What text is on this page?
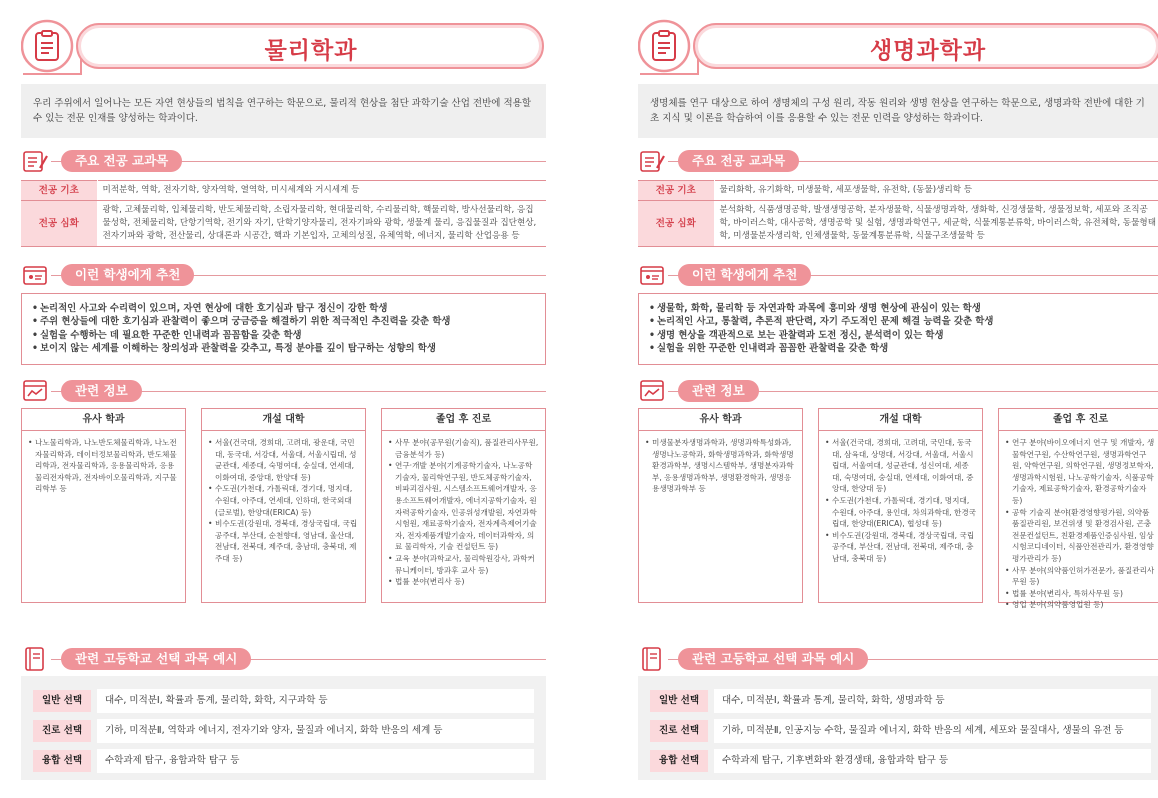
물리학과
우리 주위에서 일어나는 모든 자연 현상들의 법칙을 연구하는 학문으로, 물리적 현상을 첨단 과학기술 산업 전반에 적용할 수 있는 전문 인재를 양성하는 학과이다.
주요 전공 교과목
이런 학생에게 추천
관련 정보
관련 고등학교 선택 과목 예시
전공 기초	미적분학, 역학, 전자기학, 양자역학, 열역학, 미시세계와 거시세계 등
전공 심화	광학, 고체물리학, 입체물리학, 반도체물리학, 소립자물리학, 현대물리학, 수리물리학, 핵물리학, 방사선물리학, 응집물성학, 전체물리학, 단항기역학, 전기와 자기, 단학기양자물리, 전자기파와 광학, 생물계 물리, 응집물질과 집단현상, 전자기파와 광학, 전산물리, 상대론과 시공간, 핵과 기본입자, 고체의성질, 유체역학, 에너지, 물리학 산업응용 등
• 논리적인 사고와 수리력이 있으며, 자연 현상에 대한 호기심과 탐구 정신이 강한 학생
• 주위 현상들에 대한 호기심과 관찰력이 좋으며 궁금증을 해결하기 위한 적극적인 추진력을 갖춘 학생
• 실험을 수행하는 데 필요한 꾸준한 인내력과 꼼꼼함을 갖춘 학생
• 보이지 않는 세계를 이해하는 창의성과 관찰력을 갖추고, 특정 분야를 깊이 탐구하는 성향의 학생
유사 학과
• 나노물리학과, 나노반도체물리학과, 나노전자물리학과, 데이터정보물리학과, 반도체물리학과, 전자물리학과, 응용물리학과, 응용물리전자학과, 전자바이오물리학과, 지구물리학부 등
개설 대학
• 서울(건국대, 경희대, 고려대, 광운대, 국민대, 동국대, 서강대, 서울대, 서울시립대, 성균관대, 세종대, 숙명여대, 숭실대, 연세대, 이화여대, 중앙대, 한양대 등)
• 수도권(가천대, 가톨릭대, 경기대, 명지대, 수원대, 아주대, 연세대, 인하대, 한국외대(글로벌), 한양대(ERICA) 등)
• 비수도권(강원대, 경북대, 경상국립대, 국립공주대, 부산대, 순천향대, 영남대, 울산대, 전남대, 전북대, 제주대, 충남대, 충북대, 제주대 등)
졸업 후 진로
• 사무 분야(공무원(기술직), 품질관리사무원, 금융분석가 등)
• 연구·개발 분야(기계공학기술자, 나노공학기술자, 물리학연구원, 반도체공학기술자, 비파괴검사원, 시스템소프트웨어개발자, 응용소프트웨어개발자, 에너지공학기술자, 원자력공학기술자, 인공위성개발원, 자연과학시험원, 재료공학기술자, 전자계측제어기술자, 전자제품개발기술자, 데이터과학자, 의료 물리학자, 기술 컨설턴트 등)
• 교육 분야(과학교사, 물리학원강사, 과학커뮤니케이터, 방과후 교사 등)
• 법률 분야(변리사 등)
일반 선택	대수, 미적분Ⅰ, 확률과 통계, 물리학, 화학, 지구과학 등
진로 선택	기하, 미적분Ⅱ, 역학과 에너지, 전자기와 양자, 물질과 에너지, 화학 반응의 세계 등
융합 선택	수학과제 탐구, 융합과학 탐구 등
생명과학과
생명체를 연구 대상으로 하여 생명체의 구성 원리, 작동 원리와 생명 현상을 연구하는 학문으로, 생명과학 전반에 대한 기초 지식 및 이론을 학습하여 이를 응용할 수 있는 전문 인력을 양성하는 학과이다.
주요 전공 교과목
이런 학생에게 추천
관련 정보
관련 고등학교 선택 과목 예시
전공 기초	물리화학, 유기화학, 미생물학, 세포생물학, 유전학, (동물)생리학 등
전공 심화	분석화학, 식품생명공학, 발생생명공학, 분자생물학, 식물생명과학, 생화학, 신경생물학, 생물정보학, 세포와 조직공학, 바이러스학, 대사공학, 생명공학 및 실험, 생명과학연구, 세균학, 식물계통분류학, 바이러스학, 유전체학, 동물형태학, 미생물분자생리학, 인체생물학, 동물계통분류학, 식물구조생물학 등
• 생물학, 화학, 물리학 등 자연과학 과목에 흥미와 생명 현상에 관심이 있는 학생
• 논리적인 사고, 통찰력, 추론적 판단력, 자기 주도적인 문제 해결 능력을 갖춘 학생
• 생명 현상을 객관적으로 보는 관찰력과 도전 정신, 분석력이 있는 학생
• 실험을 위한 꾸준한 인내력과 꼼꼼한 관찰력을 갖춘 학생
유사 학과
• 미생물분자생명과학과, 생명과학특성화과, 생명나노공학과, 화학생명과학과, 화학생명환경과학부, 생명시스템학부, 생명분자과학부, 응용생명과학부, 생명환경학과, 생명응용생명과학부 등
개설 대학
• 서울(건국대, 경희대, 고려대, 국민대, 동국대, 삼육대, 상명대, 서강대, 서울대, 서울시립대, 서울여대, 성균관대, 성신여대, 세종대, 숙명여대, 숭실대, 연세대, 이화여대, 중앙대, 한양대 등)
• 수도권(가천대, 가톨릭대, 경기대, 명지대, 수원대, 아주대, 용인대, 차의과학대, 한경국립대, 한양대(ERICA), 협성대 등)
• 비수도권(강원대, 경북대, 경상국립대, 국립공주대, 부산대, 전남대, 전북대, 제주대, 충남대, 충북대 등)
졸업 후 진로
• 연구 분야(바이오에너지 연구 및 개발자, 생물학연구원, 수산학연구원, 생명과학연구원, 약학연구원, 의학연구원, 생명정보학자, 생명과학시험원, 나노공학기술자, 식품공학기술자, 제료공학기술자, 환경공학기술자 등)
• 공학 기술직 분야(환경영향평가원, 의약품품질관리원, 보건위생 및 환경검사원, 곤충전문컨설턴트, 친환경제품인증심사원, 임상시험코디네이터, 식품안전관리가, 환경영향평가관리가 등)
• 사무 분야(의약품인허가전문가, 품질관리사무원 등)
• 법률 분야(변리사, 특허사무원 등)
• 영업 분야(의약품영업원 등)
일반 선택	대수, 미적분Ⅰ, 확률과 통계, 물리학, 화학, 생명과학 등
진로 선택	기하, 미적분Ⅱ, 인공지능 수학, 물질과 에너지, 화학 반응의 세계, 세포와 물질대사, 생물의 유전 등
융합 선택	수학과제 탐구, 기후변화와 환경생태, 융합과학 탐구 등
